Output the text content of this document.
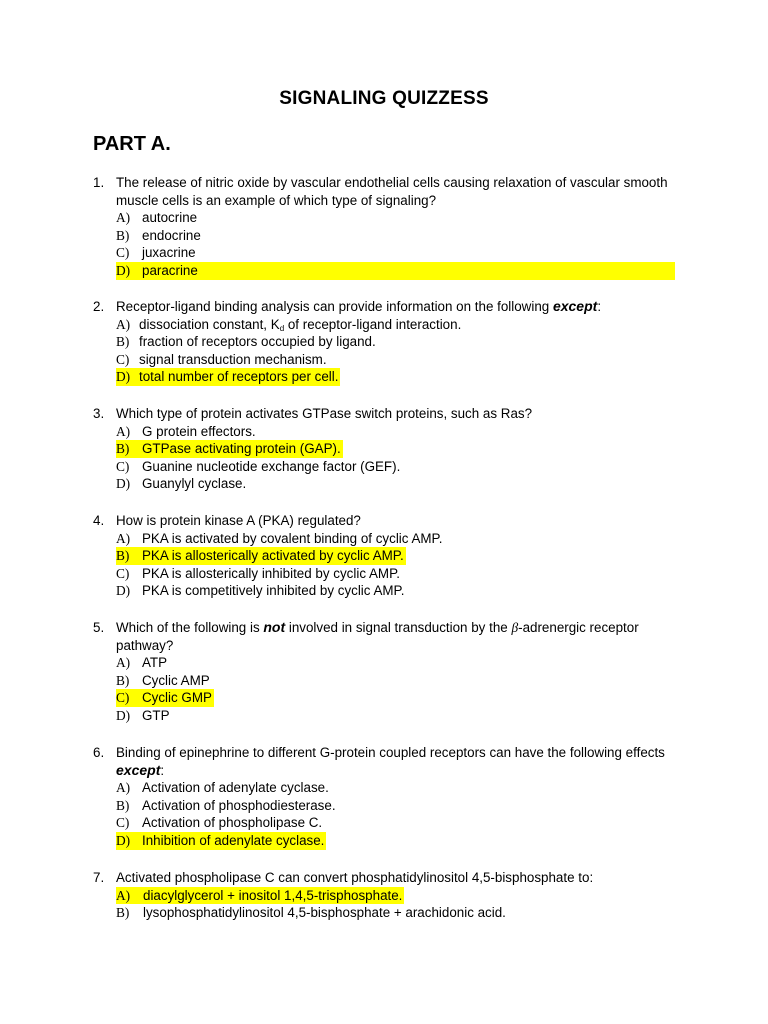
SIGNALING QUIZZESS
PART A.
1. The release of nitric oxide by vascular endothelial cells causing relaxation of vascular smooth muscle cells is an example of which type of signaling?
A) autocrine
B) endocrine
C) juxacrine
D) paracrine
2. Receptor-ligand binding analysis can provide information on the following except:
A) dissociation constant, $K_d$ of receptor-ligand interaction.
B) fraction of receptors occupied by ligand.
C) signal transduction mechanism.
D) total number of receptors per cell.
3. Which type of protein activates GTPase switch proteins, such as Ras?
A) G protein effectors.
B) GTPase activating protein (GAP).
C) Guanine nucleotide exchange factor (GEF).
D) Guanylyl cyclase.
4. How is protein kinase A (PKA) regulated?
A) PKA is activated by covalent binding of cyclic AMP.
B) PKA is allosterically activated by cyclic AMP.
C) PKA is allosterically inhibited by cyclic AMP.
D) PKA is competitively inhibited by cyclic AMP.
5. Which of the following is not involved in signal transduction by the β-adrenergic receptor pathway?
A) ATP
B) Cyclic AMP
C) Cyclic GMP
D) GTP
6. Binding of epinephrine to different G-protein coupled receptors can have the following effects except:
A) Activation of adenylate cyclase.
B) Activation of phosphodiesterase.
C) Activation of phospholipase C.
D) Inhibition of adenylate cyclase.
7. Activated phospholipase C can convert phosphatidylinositol 4,5-bisphosphate to:
A) diacylglycerol + inositol 1,4,5-trisphosphate.
B) lysophosphatidylinositol 4,5-bisphosphate + arachidonic acid.
